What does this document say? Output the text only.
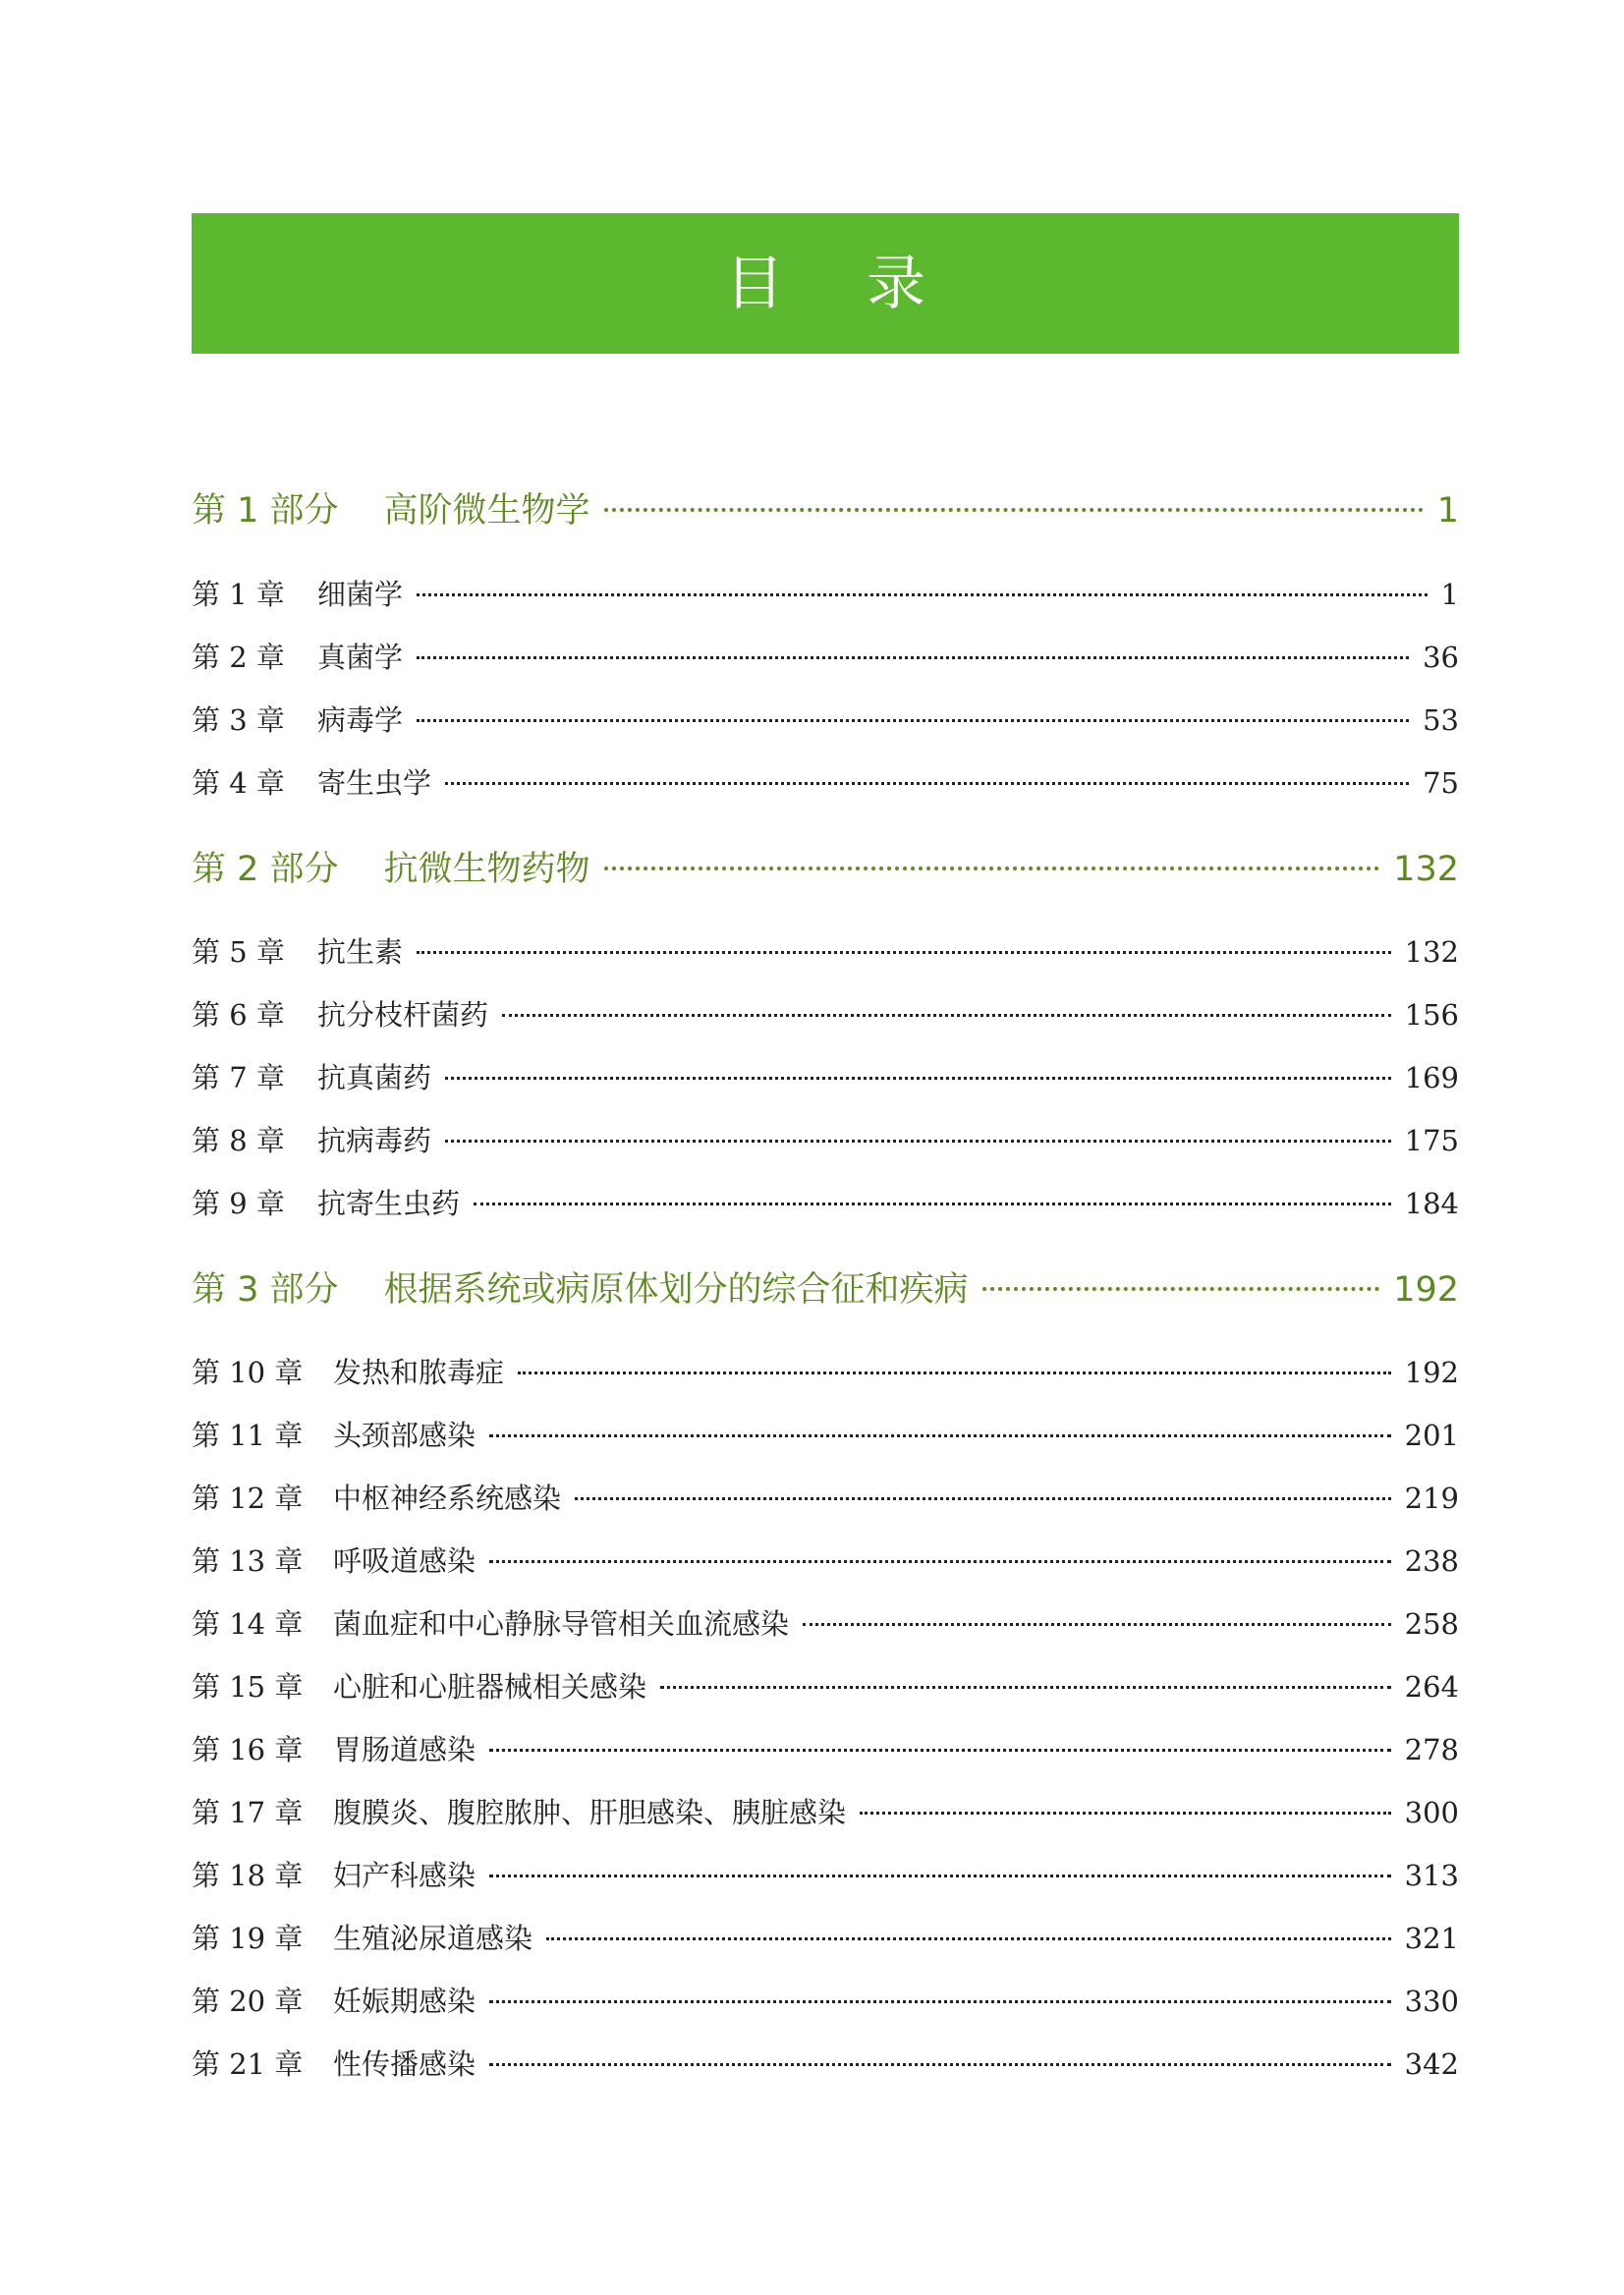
目 录
第 1 部分 高阶微生物学	1
第 1 章	细菌学	1
第 2 章	真菌学	36
第 3 章	病毒学	53
第 4 章	寄生虫学	75
第 2 部分 抗微生物药物	132
第 5 章	抗生素	132
第 6 章	抗分枝杆菌药	156
第 7 章	抗真菌药	169
第 8 章	抗病毒药	175
第 9 章	抗寄生虫药	184
第 3 部分 根据系统或病原体划分的综合征和疾病	192
第 10 章	发热和脓毒症	192
第 11 章	头颈部感染	201
第 12 章	中枢神经系统感染	219
第 13 章	呼吸道感染	238
第 14 章	菌血症和中心静脉导管相关血流感染	258
第 15 章	心脏和心脏器械相关感染	264
第 16 章	胃肠道感染	278
第 17 章	腹膜炎、腹腔脓肿、肝胆感染、胰脏感染	300
第 18 章	妇产科感染	313
第 19 章	生殖泌尿道感染	321
第 20 章	妊娠期感染	330
第 21 章	性传播感染	342
